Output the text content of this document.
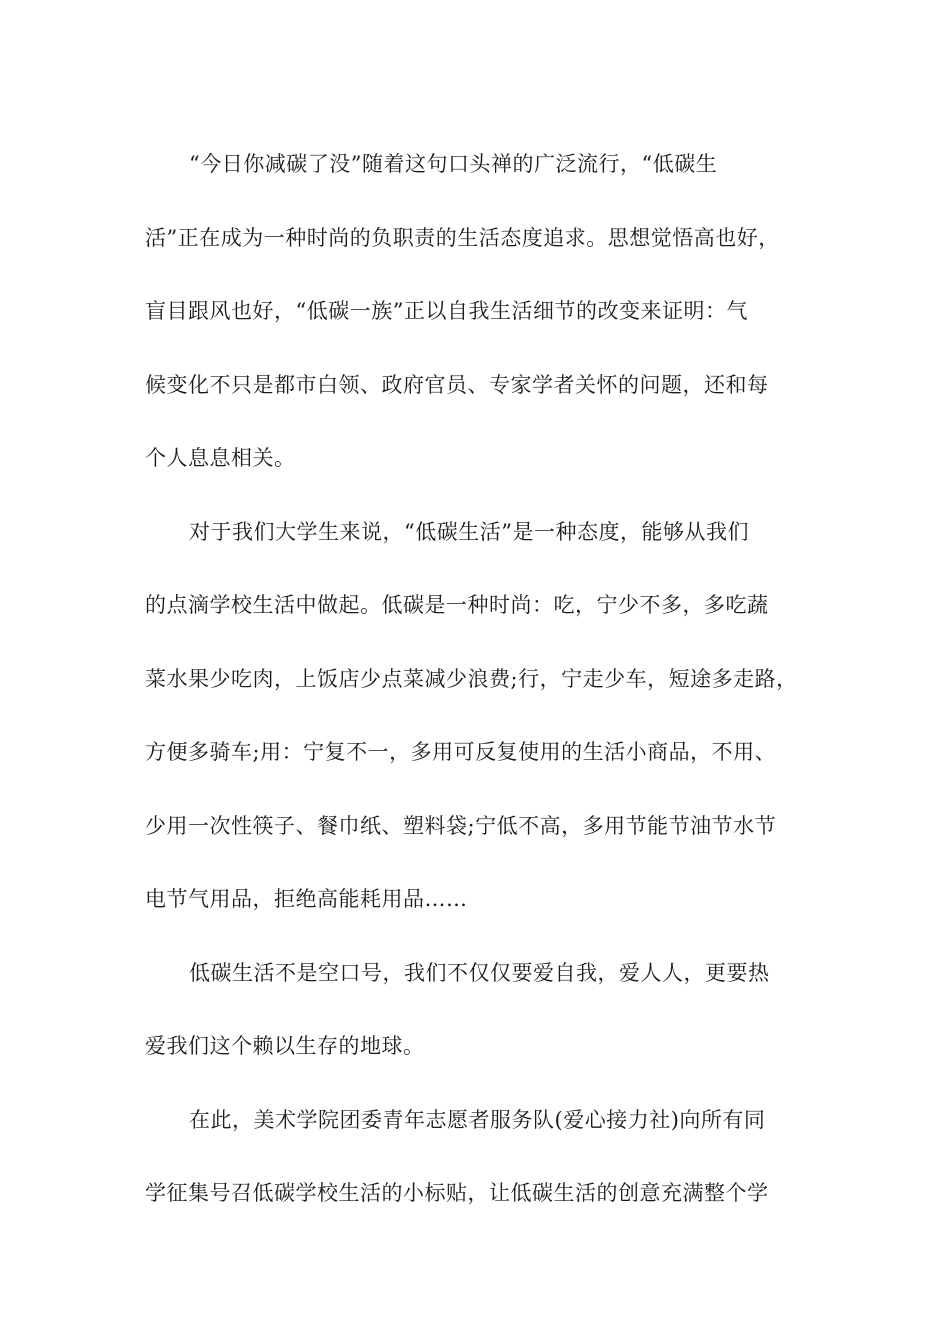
“今日你减碳了没”随着这句口头禅的广泛流行，“低碳生
活”正在成为一种时尚的负职责的生活态度追求。思想觉悟高也好，
盲目跟风也好，“低碳一族”正以自我生活细节的改变来证明：气
候变化不只是都市白领、政府官员、专家学者关怀的问题，还和每
个人息息相关。
对于我们大学生来说，“低碳生活”是一种态度，能够从我们
的点滴学校生活中做起。低碳是一种时尚：吃，宁少不多，多吃蔬
菜水果少吃肉，上饭店少点菜减少浪费;行，宁走少车，短途多走路，
方便多骑车;用：宁复不一，多用可反复使用的生活小商品，不用、
少用一次性筷子、餐巾纸、塑料袋;宁低不高，多用节能节油节水节
电节气用品，拒绝高能耗用品……
低碳生活不是空口号，我们不仅仅要爱自我，爱人人，更要热
爱我们这个赖以生存的地球。
在此，美术学院团委青年志愿者服务队(爱心接力社)向所有同
学征集号召低碳学校生活的小标贴，让低碳生活的创意充满整个学
